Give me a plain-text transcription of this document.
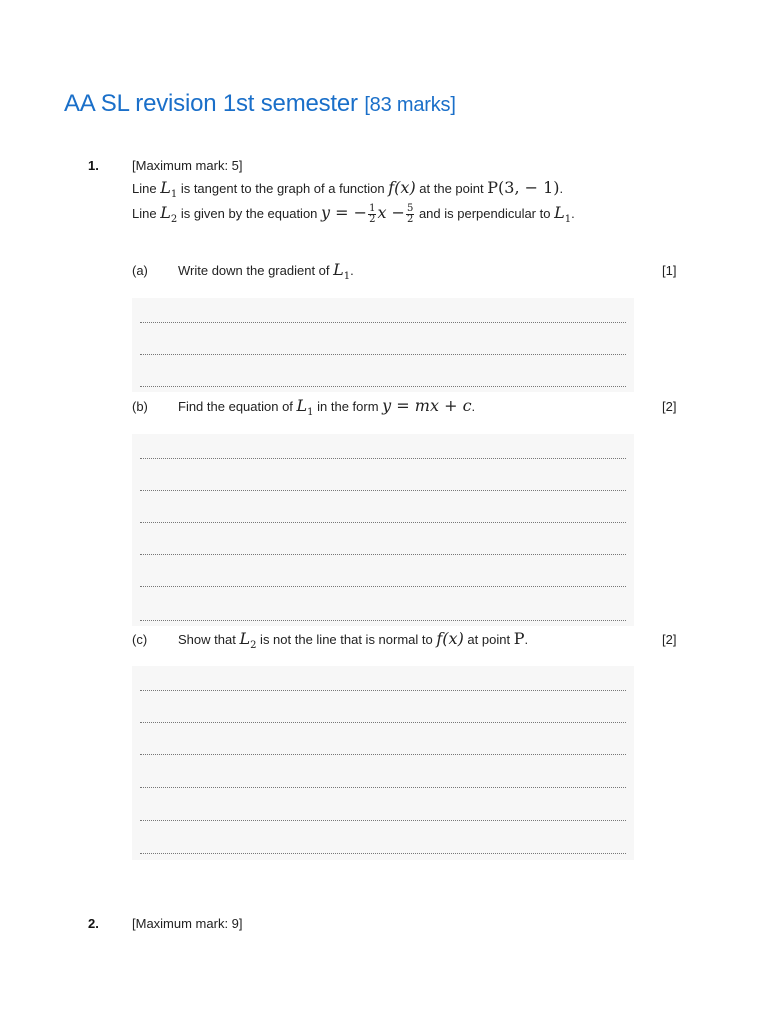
AA SL revision 1st semester [83 marks]
1.	[Maximum mark: 5]
Line $L_1$ is tangent to the graph of a function f(x) at the point P(3, − 1).
Line $L_2$ is given by the equation y = − $\frac{1}{2}$ $x - \frac{5}{2}$ and is perpendicular to $L_1$.
(a) Write down the gradient of $L_1$.	[1]
(b) Find the equation of $L_1$ in the form y = mx + c.	[2]
(c) Show that $L_2$ is not the line that is normal to f(x) at point P.	[2]
2.	[Maximum mark: 9]
